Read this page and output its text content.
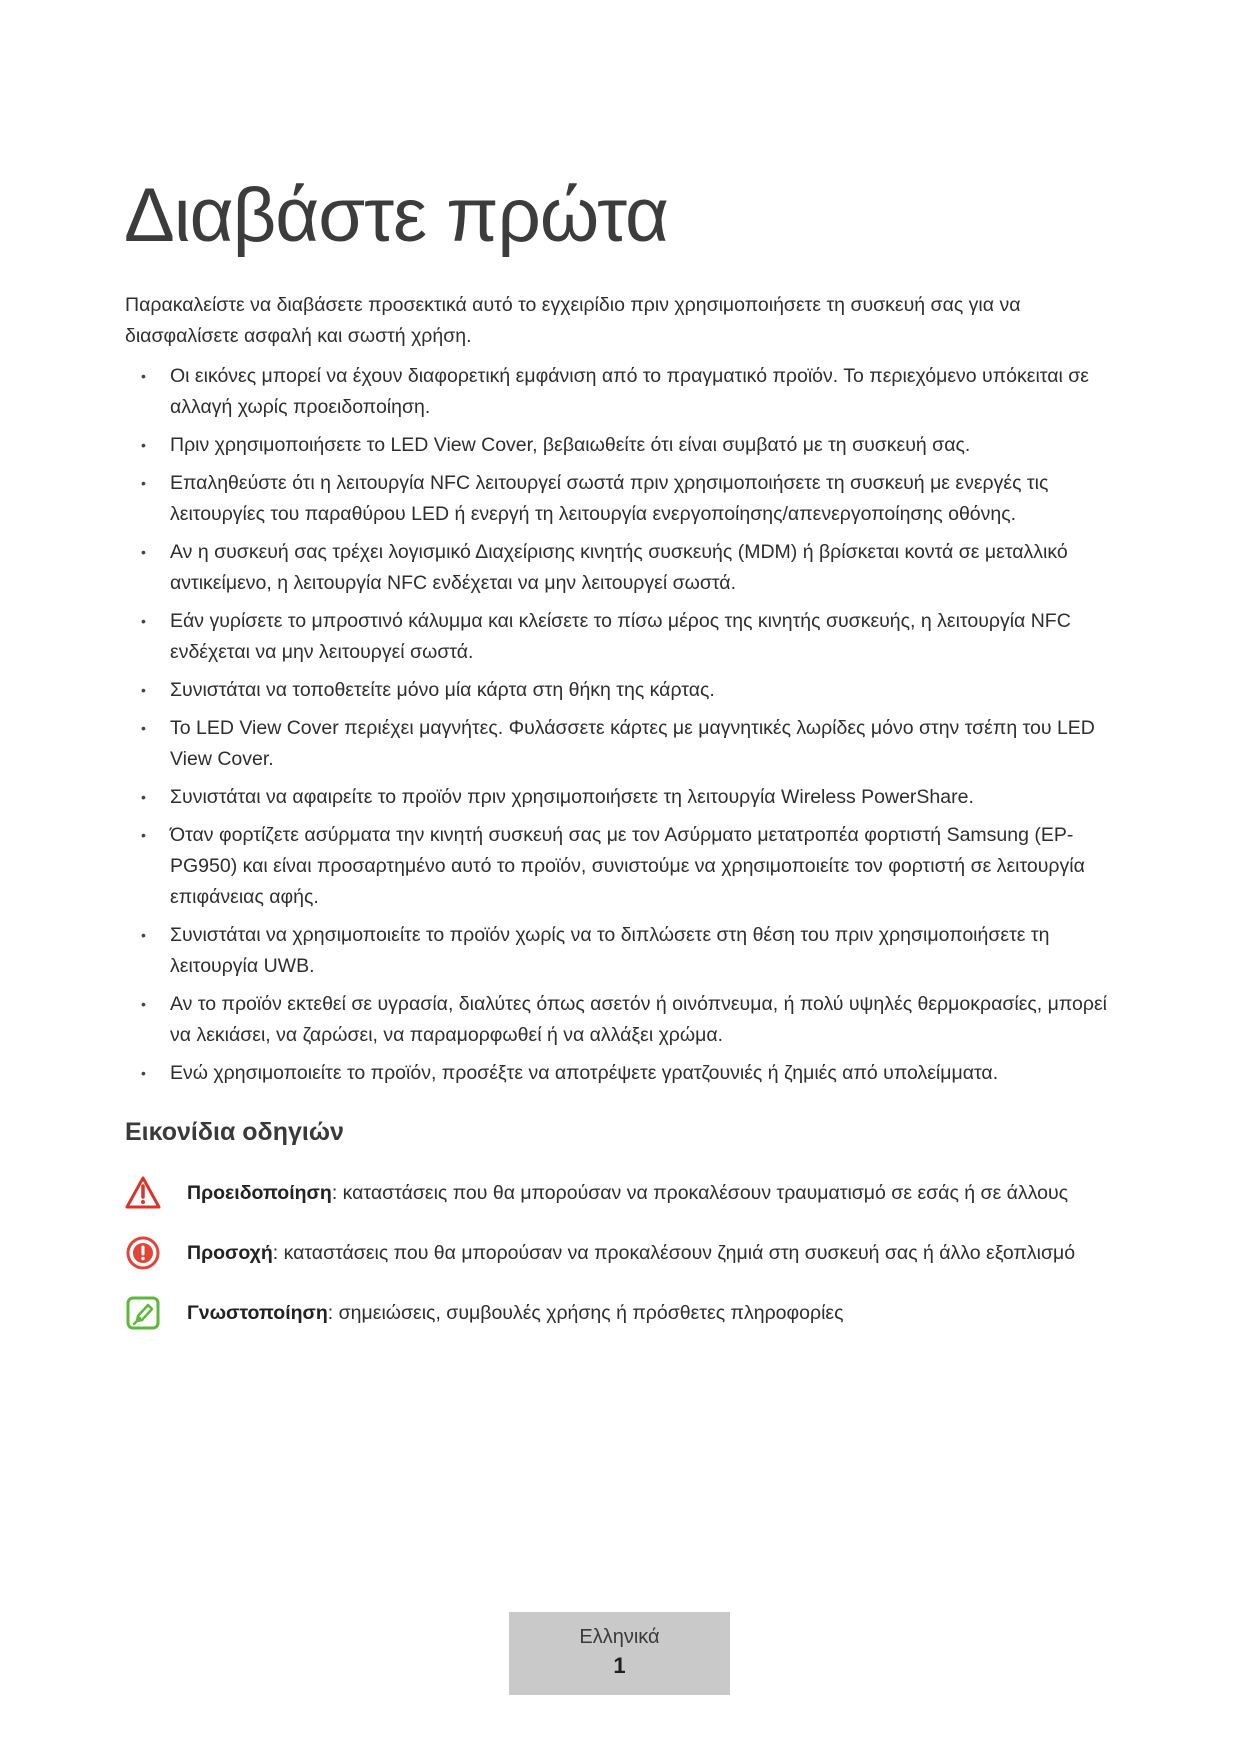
Διαβάστε πρώτα

Παρακαλείστε να διαβάσετε προσεκτικά αυτό το εγχειρίδιο πριν χρησιμοποιήσετε τη συσκευή σας για να διασφαλίσετε ασφαλή και σωστή χρήση.

• Οι εικόνες μπορεί να έχουν διαφορετική εμφάνιση από το πραγματικό προϊόν. Το περιεχόμενο υπόκειται σε αλλαγή χωρίς προειδοποίηση.
• Πριν χρησιμοποιήσετε το LED View Cover, βεβαιωθείτε ότι είναι συμβατό με τη συσκευή σας.
• Επαληθεύστε ότι η λειτουργία NFC λειτουργεί σωστά πριν χρησιμοποιήσετε τη συσκευή με ενεργές τις λειτουργίες του παραθύρου LED ή ενεργή τη λειτουργία ενεργοποίησης/απενεργοποίησης οθόνης.
• Αν η συσκευή σας τρέχει λογισμικό Διαχείρισης κινητής συσκευής (MDM) ή βρίσκεται κοντά σε μεταλλικό αντικείμενο, η λειτουργία NFC ενδέχεται να μην λειτουργεί σωστά.
• Εάν γυρίσετε το μπροστινό κάλυμμα και κλείσετε το πίσω μέρος της κινητής συσκευής, η λειτουργία NFC ενδέχεται να μην λειτουργεί σωστά.
• Συνιστάται να τοποθετείτε μόνο μία κάρτα στη θήκη της κάρτας.
• Το LED View Cover περιέχει μαγνήτες. Φυλάσσετε κάρτες με μαγνητικές λωρίδες μόνο στην τσέπη του LED View Cover.
• Συνιστάται να αφαιρείτε το προϊόν πριν χρησιμοποιήσετε τη λειτουργία Wireless PowerShare.
• Όταν φορτίζετε ασύρματα την κινητή συσκευή σας με τον Ασύρματο μετατροπέα φορτιστή Samsung (EP-PG950) και είναι προσαρτημένο αυτό το προϊόν, συνιστούμε να χρησιμοποιείτε τον φορτιστή σε λειτουργία επιφάνειας αφής.
• Συνιστάται να χρησιμοποιείτε το προϊόν χωρίς να το διπλώσετε στη θέση του πριν χρησιμοποιήσετε τη λειτουργία UWB.
• Αν το προϊόν εκτεθεί σε υγρασία, διαλύτες όπως ασετόν ή οινόπνευμα, ή πολύ υψηλές θερμοκρασίες, μπορεί να λεκιάσει, να ζαρώσει, να παραμορφωθεί ή να αλλάξει χρώμα.
• Ενώ χρησιμοποιείτε το προϊόν, προσέξτε να αποτρέψετε γρατζουνιές ή ζημιές από υπολείμματα.
Εικονίδια οδηγιών
Προειδοποίηση: καταστάσεις που θα μπορούσαν να προκαλέσουν τραυματισμό σε εσάς ή σε άλλους
Προσοχή: καταστάσεις που θα μπορούσαν να προκαλέσουν ζημιά στη συσκευή σας ή άλλο εξοπλισμό
Γνωστοποίηση: σημειώσεις, συμβουλές χρήσης ή πρόσθετες πληροφορίες
Ελληνικά
1
